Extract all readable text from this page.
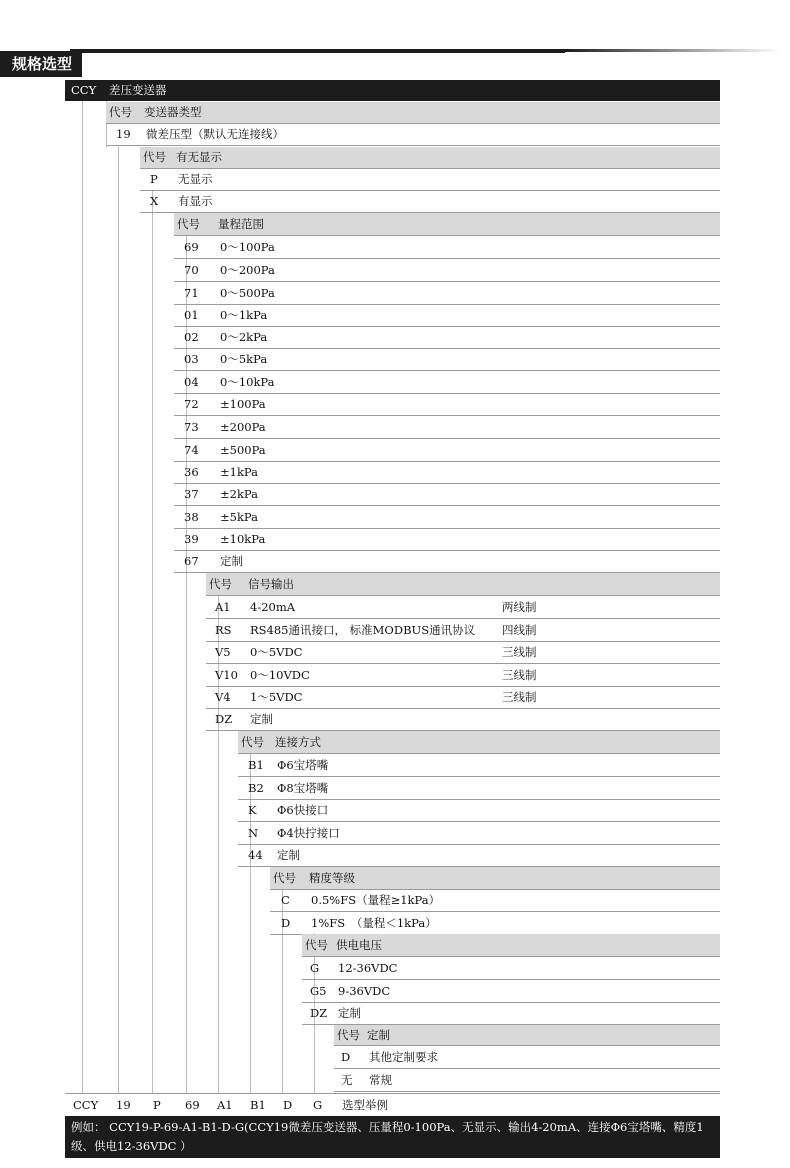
规格选型
CCY 差压变送器
代号 变送器类型
19 微差压型（默认无连接线）
代号 有无显示
P 无显示
X 有显示
代号 量程范围
69 0～100Pa
70 0～200Pa
71 0～500Pa
01 0～1kPa
02 0～2kPa
03 0～5kPa
04 0～10kPa
72 ±100Pa
73 ±200Pa
74 ±500Pa
36 ±1kPa
37 ±2kPa
38 ±5kPa
39 ±10kPa
67 定制
代号 信号输出
A1 4-20mA	两线制
RS RS485通讯接口， 标准MODBUS通讯协议 四线制
V5 0～5VDC	三线制
V10 0～10VDC	三线制
V4 1～5VDC	三线制
DZ 定制
代号 连接方式
B1 Φ6宝塔嘴
B2 Φ8宝塔嘴
K Φ6快接口
N Φ4快拧接口
44 定制
代号 精度等级
C 0.5%FS（量程≥1kPa）
D 1%FS　（量程＜1kPa）
代号 供电电压
G 12-36VDC
G5 9-36VDC
DZ 定制
代号 定制
D 其他定制要求
无 常规
CCY 19 P 69 A1 B1 D G 选型举例
例如： CCY19-P-69-A1-B1-D-G(CCY19微差压变送器、压量程0-100Pa、无显示、输出4-20mA、连接Φ6宝塔嘴、精度1级、供电12-36VDC ）
